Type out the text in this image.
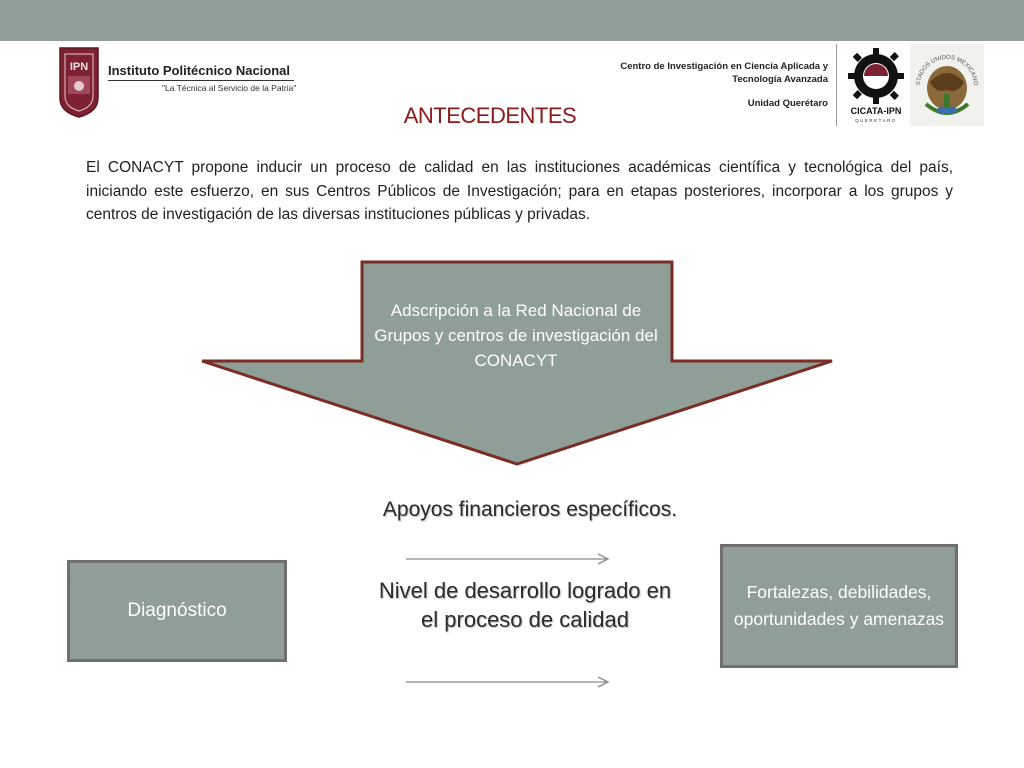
IPN Instituto Politécnico Nacional
"La Técnica al Servicio de la Patria"
Centro de Investigación en Ciencia Aplicada y
Tecnología Avanzada
Unidad Querétaro
CICATA-IPN
QUERETARO
STADOS UNIDOS MEXICANO
ANTECEDENTES
El CONACYT propone inducir un proceso de calidad en las instituciones académicas científica y tecnológica del país, iniciando este esfuerzo, en sus Centros Públicos de Investigación; para en etapas posteriores, incorporar a los grupos y centros de investigación de las diversas instituciones públicas y privadas.
Adscripción a la Red Nacional de Grupos y centros de investigación del CONACYT
Apoyos financieros específicos.
Diagnóstico
Nivel de desarrollo logrado en el proceso de calidad
Fortalezas, debilidades, oportunidades y amenazas
